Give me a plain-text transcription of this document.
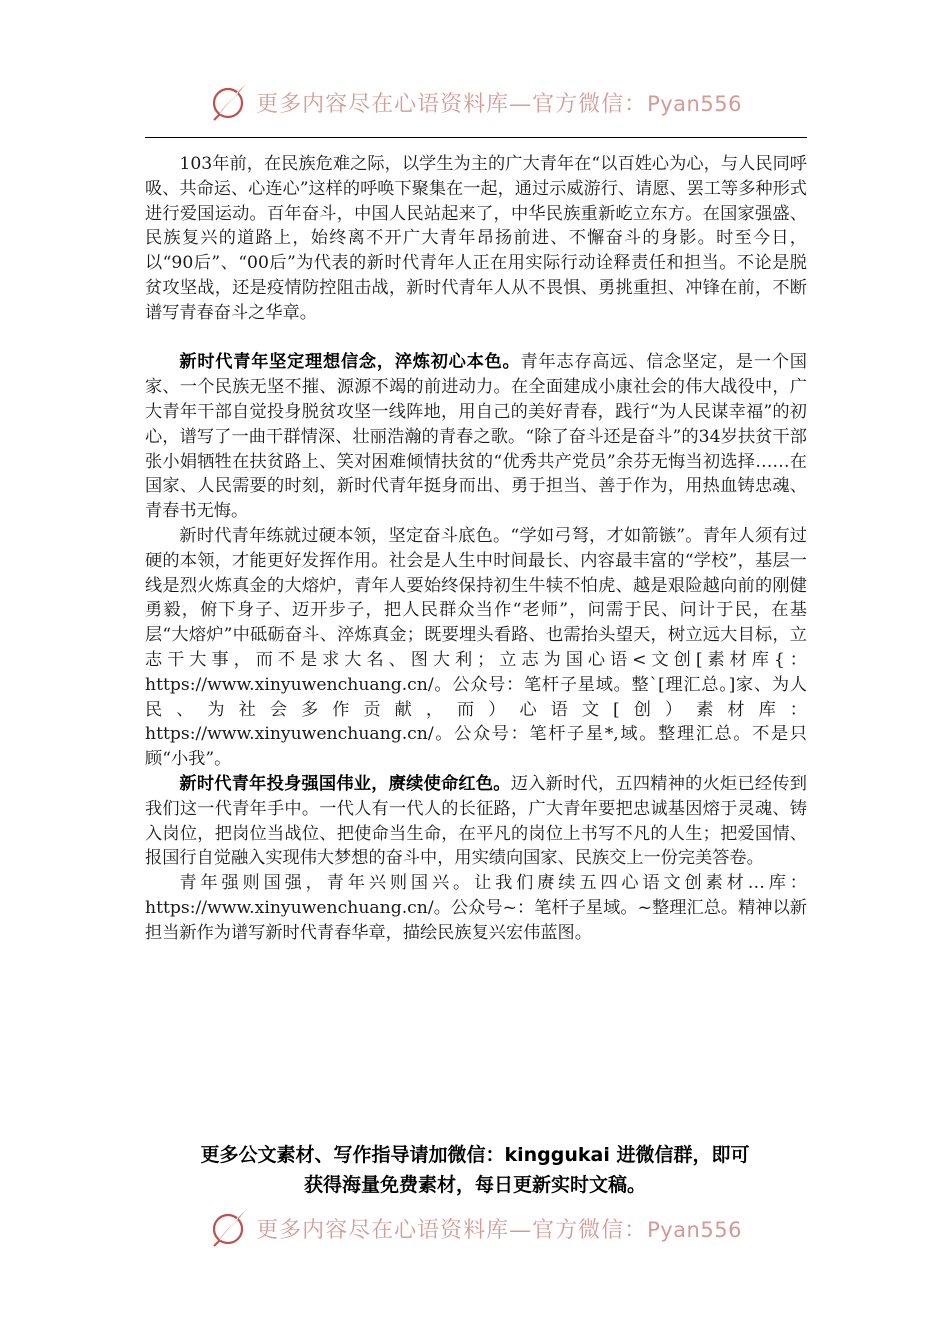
更多内容尽在心语资料库—官方微信：Pyan556

103年前，在民族危难之际，以学生为主的广大青年在“以百姓心为心，与人民同呼吸、共命运、心连心”这样的呼唤下聚集在一起，通过示威游行、请愿、罢工等多种形式进行爱国运动。百年奋斗，中国人民站起来了，中华民族重新屹立东方。在国家强盛、民族复兴的道路上，始终离不开广大青年昂扬前进、不懈奋斗的身影。时至今日，以“90后”、“00后”为代表的新时代青年人正在用实际行动诠释责任和担当。不论是脱贫攻坚战，还是疫情防控阻击战，新时代青年人从不畏惧、勇挑重担、冲锋在前，不断谱写青春奋斗之华章。

新时代青年坚定理想信念，淬炼初心本色。青年志存高远、信念坚定，是一个国家、一个民族无坚不摧、源源不竭的前进动力。在全面建成小康社会的伟大战役中，广大青年干部自觉投身脱贫攻坚一线阵地，用自己的美好青春，践行“为人民谋幸福”的初心，谱写了一曲干群情深、壮丽浩瀚的青春之歌。“除了奋斗还是奋斗”的34岁扶贫干部张小娟牺牲在扶贫路上、笑对困难倾情扶贫的“优秀共产党员”余芬无悔当初选择……在国家、人民需要的时刻，新时代青年挺身而出、勇于担当、善于作为，用热血铸忠魂、青春书无悔。

新时代青年练就过硬本领，坚定奋斗底色。“学如弓弩，才如箭镞”。青年人须有过硬的本领，才能更好发挥作用。社会是人生中时间最长、内容最丰富的“学校”，基层一线是烈火炼真金的大熔炉，青年人要始终保持初生牛犊不怕虎、越是艰险越向前的刚健勇毅，俯下身子、迈开步子，把人民群众当作“老师”，问需于民、问计于民，在基层“大熔炉”中砥砺奋斗、淬炼真金；既要埋头看路、也需抬头望天，树立远大目标，立志干大事，而不是求大名、图大利；立志为国心语<文创[素材库{：https://www.xinyuwenchuang.cn/。公众号：笔杆子星域。整`[理汇总。]家、为人民、为社会多作贡献，而）心语文[创）素材库：https://www.xinyuwenchuang.cn/。公众号：笔杆子星*,域。整理汇总。不是只顾“小我”。

新时代青年投身强国伟业，赓续使命红色。迈入新时代，五四精神的火炬已经传到我们这一代青年手中。一代人有一代人的长征路，广大青年要把忠诚基因熔于灵魂、铸入岗位，把岗位当战位、把使命当生命，在平凡的岗位上书写不凡的人生；把爱国情、报国行自觉融入实现伟大梦想的奋斗中，用实绩向国家、民族交上一份完美答卷。

青年强则国强，青年兴则国兴。让我们赓续五四心语文创素材…库：https://www.xinyuwenchuang.cn/。公众号~：笔杆子星域。~整理汇总。精神以新担当新作为谱写新时代青春华章，描绘民族复兴宏伟蓝图。

更多公文素材、写作指导请加微信：kinggukai 进微信群，即可
获得海量免费素材，每日更新实时文稿。
更多内容尽在心语资料库—官方微信：Pyan556
